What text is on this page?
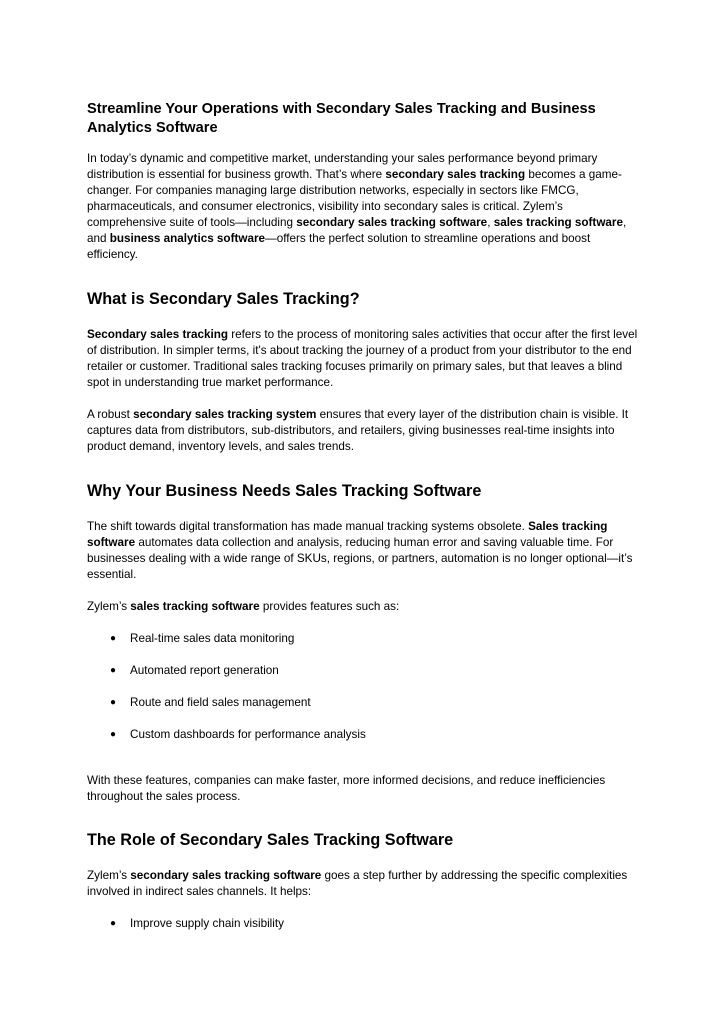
Streamline Your Operations with Secondary Sales Tracking and Business Analytics Software

In today’s dynamic and competitive market, understanding your sales performance beyond primary distribution is essential for business growth. That’s where secondary sales tracking becomes a game-changer. For companies managing large distribution networks, especially in sectors like FMCG, pharmaceuticals, and consumer electronics, visibility into secondary sales is critical. Zylem’s comprehensive suite of tools—including secondary sales tracking software, sales tracking software, and business analytics software—offers the perfect solution to streamline operations and boost efficiency.

What is Secondary Sales Tracking?

Secondary sales tracking refers to the process of monitoring sales activities that occur after the first level of distribution. In simpler terms, it's about tracking the journey of a product from your distributor to the end retailer or customer. Traditional sales tracking focuses primarily on primary sales, but that leaves a blind spot in understanding true market performance.

A robust secondary sales tracking system ensures that every layer of the distribution chain is visible. It captures data from distributors, sub-distributors, and retailers, giving businesses real-time insights into product demand, inventory levels, and sales trends.

Why Your Business Needs Sales Tracking Software

The shift towards digital transformation has made manual tracking systems obsolete. Sales tracking software automates data collection and analysis, reducing human error and saving valuable time. For businesses dealing with a wide range of SKUs, regions, or partners, automation is no longer optional—it’s essential.

Zylem’s sales tracking software provides features such as:

● Real-time sales data monitoring
● Automated report generation
● Route and field sales management
● Custom dashboards for performance analysis

With these features, companies can make faster, more informed decisions, and reduce inefficiencies throughout the sales process.

The Role of Secondary Sales Tracking Software

Zylem’s secondary sales tracking software goes a step further by addressing the specific complexities involved in indirect sales channels. It helps:

● Improve supply chain visibility
